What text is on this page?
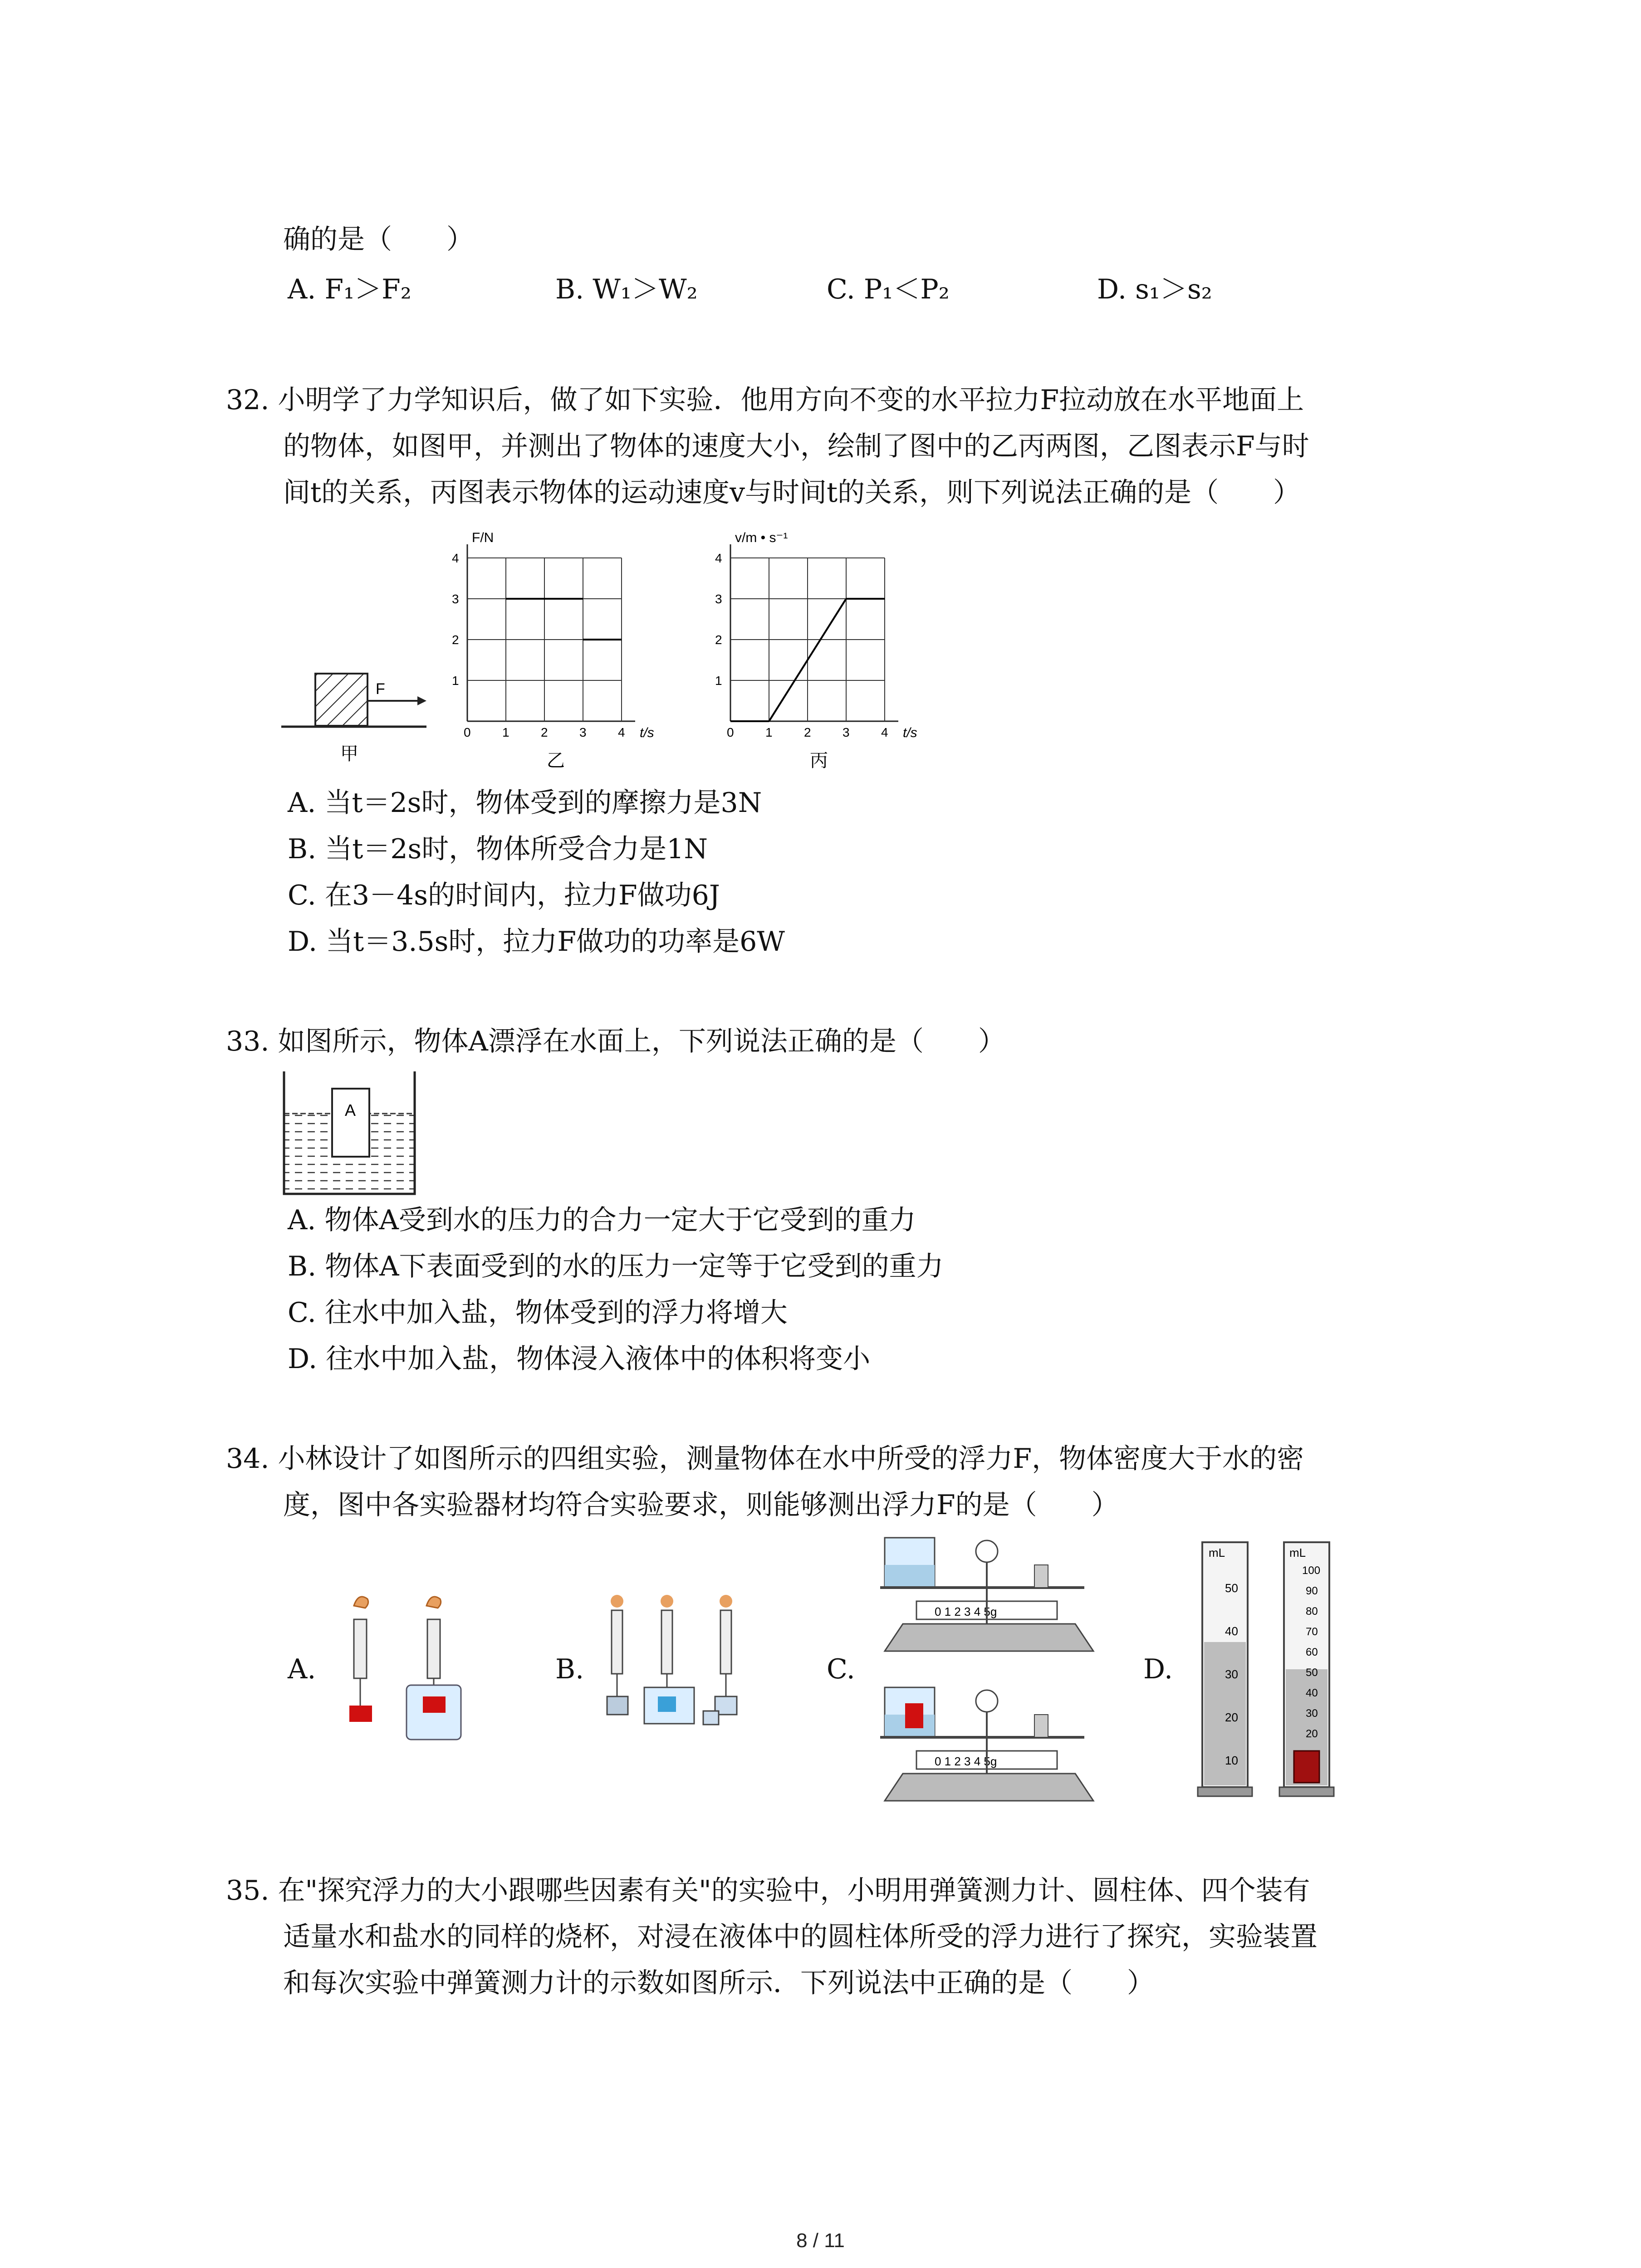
确的是（　　）
A. F₁＞F₂	B. W₁＞W₂	C. P₁＜P₂	D. s₁＞s₂
32. 小明学了力学知识后，做了如下实验．他用方向不变的水平拉力F拉动放在水平地面上
的物体，如图甲，并测出了物体的速度大小，绘制了图中的乙丙两图，乙图表示F与时
间t的关系，丙图表示物体的运动速度v与时间t的关系，则下列说法正确的是（　　）
F
甲
0 1 2 3 4
1
2
3
4
F/N
t/s
乙
0 1 2 3 4
1
2
3
4
v/m • s⁻¹
t/s
丙
A. 当t＝2s时，物体受到的摩擦力是3N
B. 当t＝2s时，物体所受合力是1N
C. 在3－4s的时间内，拉力F做功6J
D. 当t＝3.5s时，拉力F做功的功率是6W
33. 如图所示，物体A漂浮在水面上，下列说法正确的是（　　）
A
A. 物体A受到水的压力的合力一定大于它受到的重力
B. 物体A下表面受到的水的压力一定等于它受到的重力
C. 往水中加入盐，物体受到的浮力将增大
D. 往水中加入盐，物体浸入液体中的体积将变小
34. 小林设计了如图所示的四组实验，测量物体在水中所受的浮力F，物体密度大于水的密
度，图中各实验器材均符合实验要求，则能够测出浮力F的是（　　）
A.	B.	C.
0 1 2 3 4 5g
0 1 2 3 4 5g
D.
mL
50
40
30
20
10
mL
100
90
80
70
60
50
40
30
20
35. 在"探究浮力的大小跟哪些因素有关"的实验中，小明用弹簧测力计、圆柱体、四个装有
适量水和盐水的同样的烧杯，对浸在液体中的圆柱体所受的浮力进行了探究，实验装置
和每次实验中弹簧测力计的示数如图所示．下列说法中正确的是（　　）
8 / 11
